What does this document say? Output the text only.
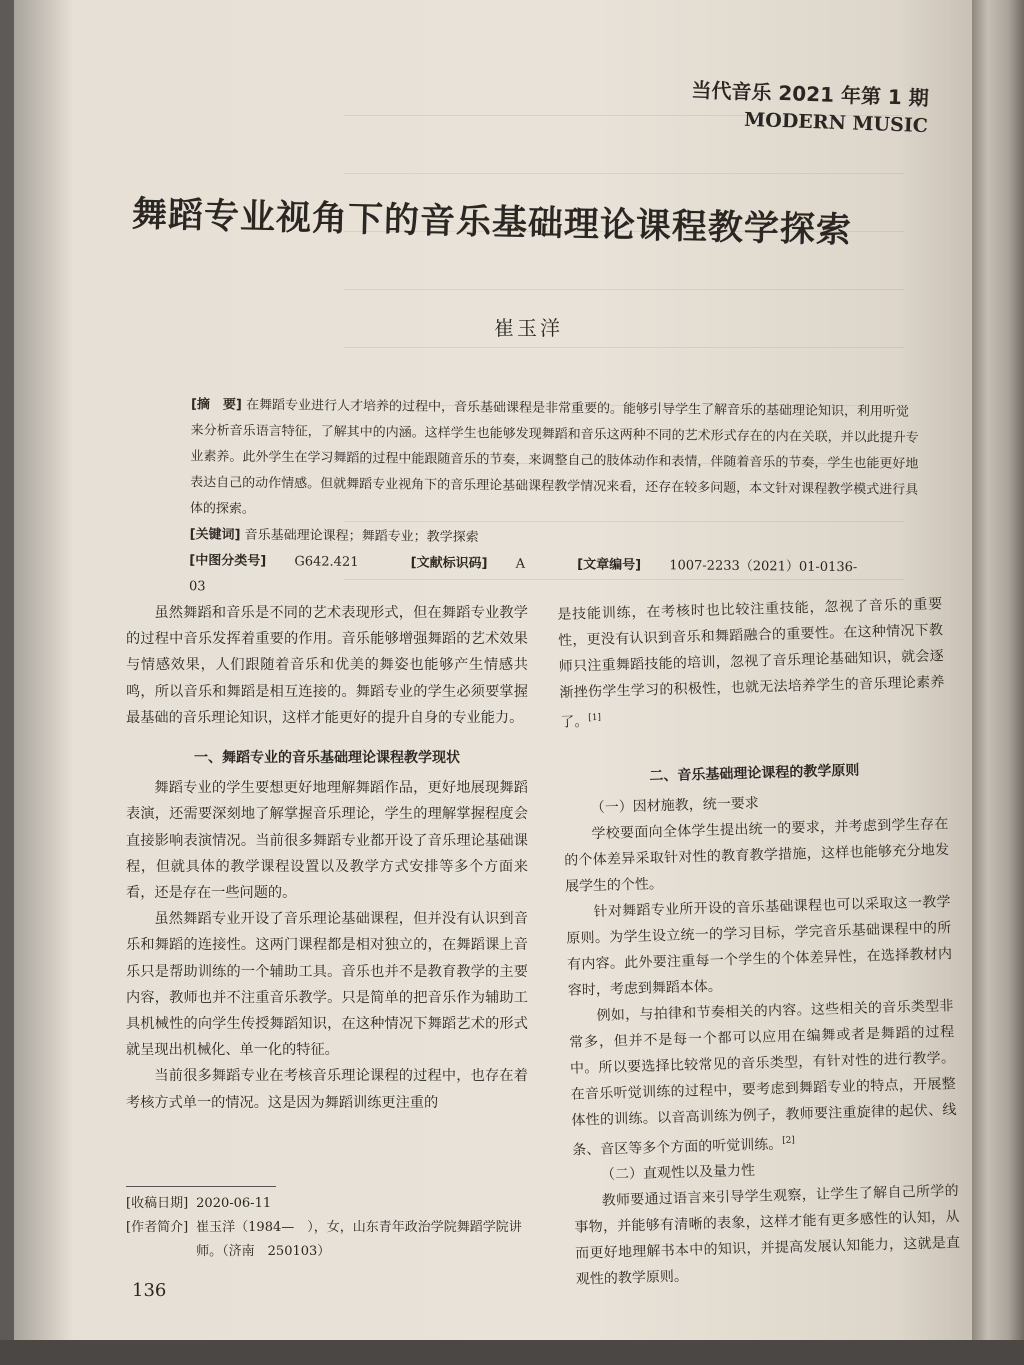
当代音乐 2021 年第 1 期
MODERN MUSIC
舞蹈专业视角下的音乐基础理论课程教学探索
崔玉洋

[摘　要] 在舞蹈专业进行人才培养的过程中，音乐基础课程是非常重要的。能够引导学生了解音乐的基础理论知识，利用听觉来分析音乐语言特征，了解其中的内涵。这样学生也能够发现舞蹈和音乐这两种不同的艺术形式存在的内在关联，并以此提升专业素养。此外学生在学习舞蹈的过程中能跟随音乐的节奏，来调整自己的肢体动作和表情，伴随着音乐的节奏，学生也能更好地表达自己的动作情感。但就舞蹈专业视角下的音乐理论基础课程教学情况来看，还存在较多问题，本文针对课程教学模式进行具体的探索。

[关键词] 音乐基础理论课程；舞蹈专业；教学探索

[中图分类号] G642.421	[文献标识码] A	[文章编号] 1007-2233（2021）01-0136-03

虽然舞蹈和音乐是不同的艺术表现形式，但在舞蹈专业教学的过程中音乐发挥着重要的作用。音乐能够增强舞蹈的艺术效果与情感效果，人们跟随着音乐和优美的舞姿也能够产生情感共鸣，所以音乐和舞蹈是相互连接的。舞蹈专业的学生必须要掌握最基础的音乐理论知识，这样才能更好的提升自身的专业能力。

一、舞蹈专业的音乐基础理论课程教学现状

舞蹈专业的学生要想更好地理解舞蹈作品，更好地展现舞蹈表演，还需要深刻地了解掌握音乐理论，学生的理解掌握程度会直接影响表演情况。当前很多舞蹈专业都开设了音乐理论基础课程，但就具体的教学课程设置以及教学方式安排等多个方面来看，还是存在一些问题的。

虽然舞蹈专业开设了音乐理论基础课程，但并没有认识到音乐和舞蹈的连接性。这两门课程都是相对独立的，在舞蹈课上音乐只是帮助训练的一个辅助工具。音乐也并不是教育教学的主要内容，教师也并不注重音乐教学。只是简单的把音乐作为辅助工具机械性的向学生传授舞蹈知识，在这种情况下舞蹈艺术的形式就呈现出机械化、单一化的特征。

当前很多舞蹈专业在考核音乐理论课程的过程中，也存在着考核方式单一的情况。这是因为舞蹈训练更注重的

是技能训练，在考核时也比较注重技能，忽视了音乐的重要性，更没有认识到音乐和舞蹈融合的重要性。在这种情况下教师只注重舞蹈技能的培训，忽视了音乐理论基础知识，就会逐渐挫伤学生学习的积极性，也就无法培养学生的音乐理论素养了。[1]

二、音乐基础理论课程的教学原则

（一）因材施教，统一要求

学校要面向全体学生提出统一的要求，并考虑到学生存在的个体差异采取针对性的教育教学措施，这样也能够充分地发展学生的个性。

针对舞蹈专业所开设的音乐基础课程也可以采取这一教学原则。为学生设立统一的学习目标，学完音乐基础课程中的所有内容。此外要注重每一个学生的个体差异性，在选择教材内容时，考虑到舞蹈本体。

例如，与拍律和节奏相关的内容。这些相关的音乐类型非常多，但并不是每一个都可以应用在编舞或者是舞蹈的过程中。所以要选择比较常见的音乐类型，有针对性的进行教学。在音乐听觉训练的过程中，要考虑到舞蹈专业的特点，开展整体性的训练。以音高训练为例子，教师要注重旋律的起伏、线条、音区等多个方面的听觉训练。[2]

（二）直观性以及量力性

教师要通过语言来引导学生观察，让学生了解自己所学的事物，并能够有清晰的表象，这样才能有更多感性的认知，从而更好地理解书本中的知识，并提高发展认知能力，这就是直观性的教学原则。

[收稿日期] 2020-06-11
[作者简介] 崔玉洋（1984—　），女，山东青年政治学院舞蹈学院讲师。（济南　250103）
136
